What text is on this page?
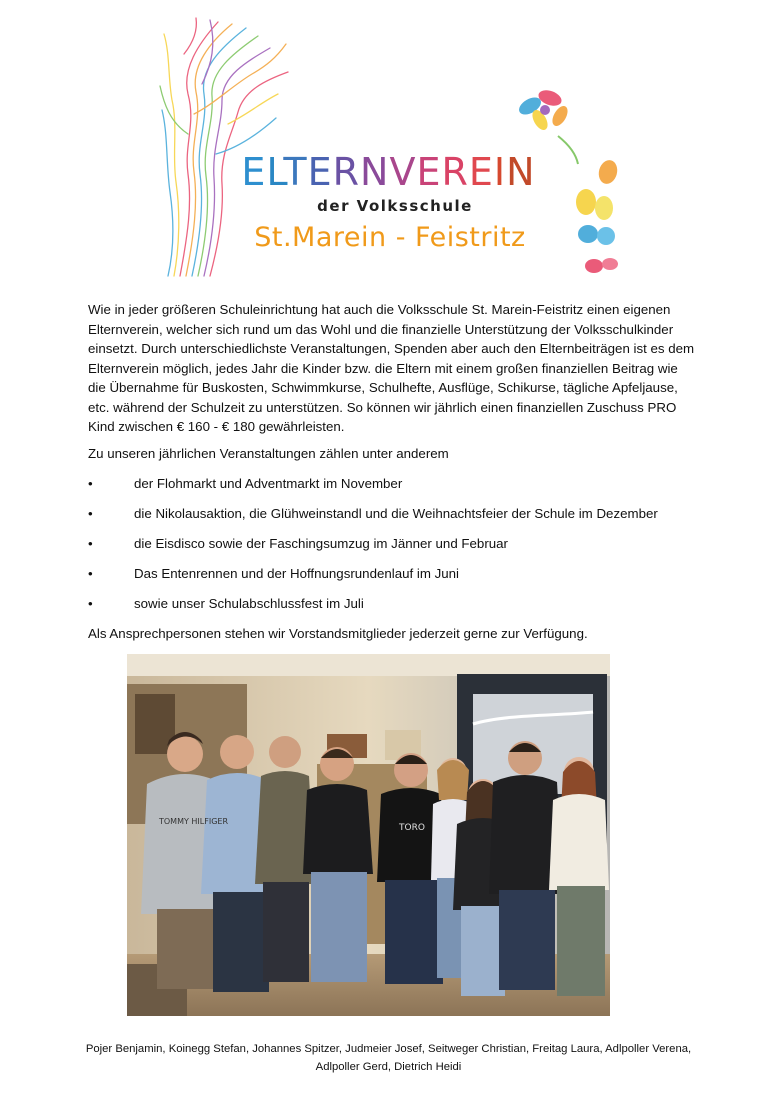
ELTERNVEREIN
der Volksschule
St.Marein - Feistritz
Wie in jeder größeren Schuleinrichtung hat auch die Volksschule St. Marein-Feistritz einen eigenen Elternverein, welcher sich rund um das Wohl und die finanzielle Unterstützung der Volksschulkinder einsetzt. Durch unterschiedlichste Veranstaltungen, Spenden aber auch den Elternbeiträgen ist es dem Elternverein möglich, jedes Jahr die Kinder bzw. die Eltern mit einem großen finanziellen Beitrag wie die Übernahme für Buskosten, Schwimmkurse, Schulhefte, Ausflüge, Schikurse, tägliche Apfeljause, etc. während der Schulzeit zu unterstützen. So können wir jährlich einen finanziellen Zuschuss PRO Kind zwischen € 160 - € 180 gewährleisten.
Zu unseren jährlichen Veranstaltungen zählen unter anderem
•	der Flohmarkt und Adventmarkt im November
•	die Nikolausaktion, die Glühweinstandl und die Weihnachtsfeier der Schule im Dezember
•	die Eisdisco sowie der Faschingsumzug im Jänner und Februar
•	Das Entenrennen und der Hoffnungsrundenlauf im Juni
•	sowie unser Schulabschlussfest im Juli
Als Ansprechpersonen stehen wir Vorstandsmitglieder jederzeit gerne zur Verfügung.
TORO
TOMMY HILFIGER
Pojer Benjamin, Koinegg Stefan, Johannes Spitzer, Judmeier Josef, Seitweger Christian, Freitag Laura, Adlpoller Verena, Adlpoller Gerd, Dietrich Heidi
